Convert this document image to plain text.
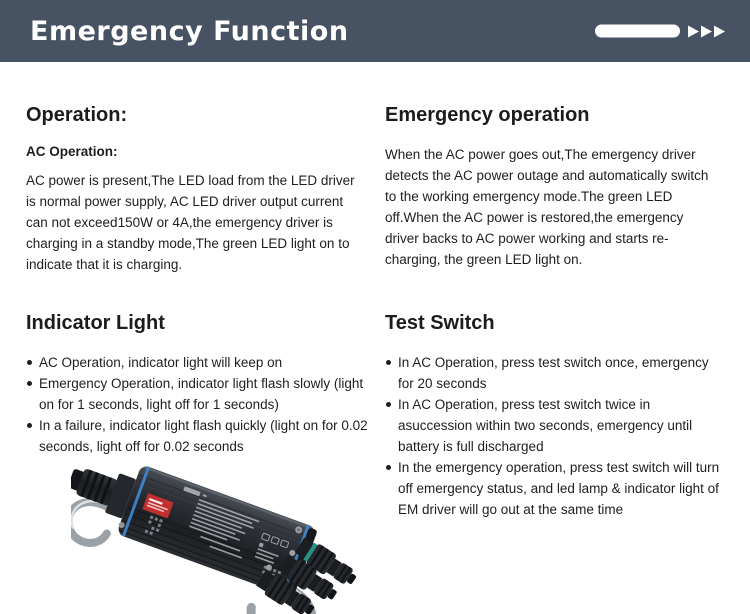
Emergency Function
Operation:
AC Operation:

AC power is present,The LED load from the LED driver is normal power supply, AC LED driver output current can not exceed150W or 4A,the emergency driver is charging in a standby mode,The green LED light on to indicate that it is charging.

Emergency operation

When the AC power goes out,The emergency driver detects the AC power outage and automatically switch to the working emergency mode.The green LED off.When the AC power is restored,the emergency driver backs to AC power working and starts re-charging, the green LED light on.

Indicator Light
AC Operation, indicator light will keep on
Emergency Operation, indicator light flash slowly (light on for 1 seconds, light off for 1 seconds)
In a failure, indicator light flash quickly (light on for 0.02 seconds, light off for 0.02 seconds
Test Switch
In AC Operation, press test switch once, emergency for 20 seconds
In AC Operation, press test switch twice in asuccession within two seconds, emergency until battery is full discharged
In the emergency operation, press test switch will turn off emergency status, and led lamp & indicator light of EM driver will go out at the same time
